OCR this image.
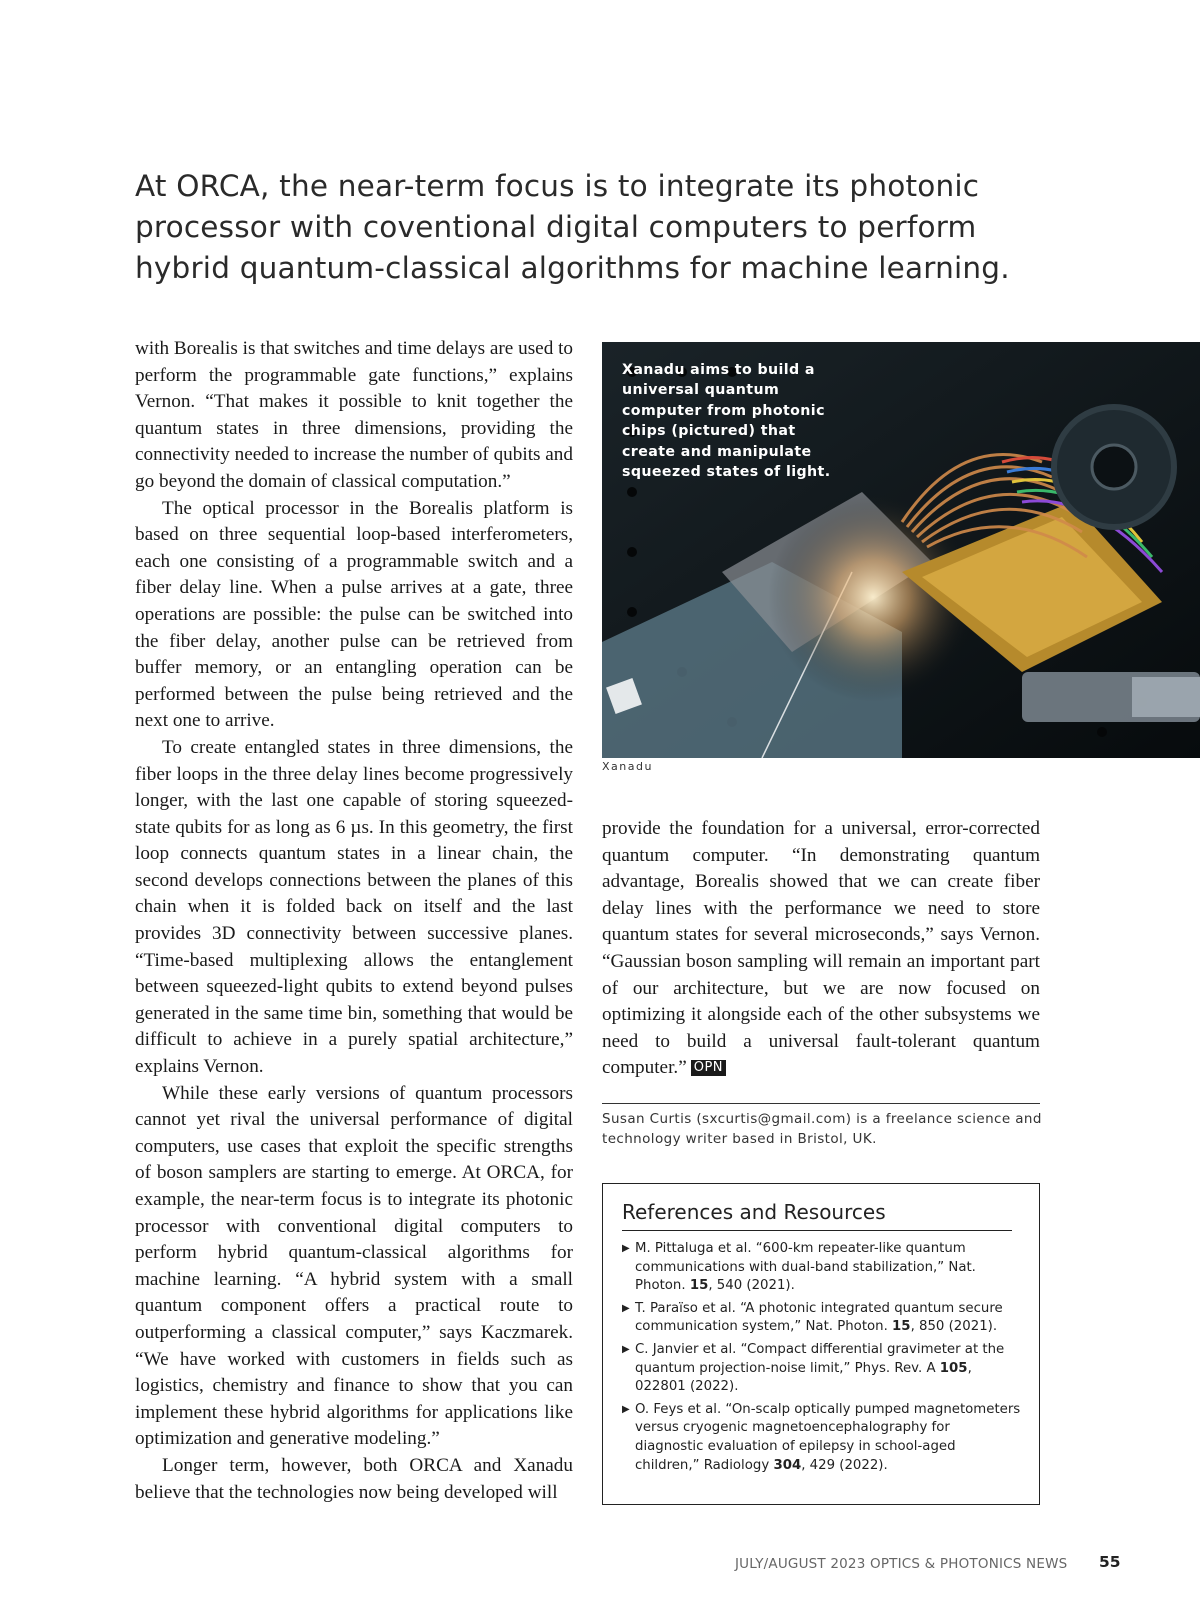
At ORCA, the near-term focus is to integrate its photonic processor with coventional digital computers to perform hybrid quantum-classical algorithms for machine learning.

with Borealis is that switches and time delays are used to perform the programmable gate functions,” explains Vernon. “That makes it possible to knit together the quantum states in three dimensions, providing the connectivity needed to increase the number of qubits and go beyond the domain of classical computation.”

The optical processor in the Borealis platform is based on three sequential loop-based interferometers, each one consisting of a programmable switch and a fiber delay line. When a pulse arrives at a gate, three operations are possible: the pulse can be switched into the fiber delay, another pulse can be retrieved from buffer memory, or an entangling operation can be performed between the pulse being retrieved and the next one to arrive.

To create entangled states in three dimensions, the fiber loops in the three delay lines become progressively longer, with the last one capable of storing squeezed-state qubits for as long as 6 µs. In this geometry, the first loop connects quantum states in a linear chain, the second develops connections between the planes of this chain when it is folded back on itself and the last provides 3D connectivity between successive planes. “Time-based multiplexing allows the entanglement between squeezed-light qubits to extend beyond pulses generated in the same time bin, something that would be difficult to achieve in a purely spatial architecture,” explains Vernon.

While these early versions of quantum processors cannot yet rival the universal performance of digital computers, use cases that exploit the specific strengths of boson samplers are starting to emerge. At ORCA, for example, the near-term focus is to integrate its photonic processor with conventional digital computers to perform hybrid quantum-classical algorithms for machine learning. “A hybrid system with a small quantum component offers a practical route to outperforming a classical computer,” says Kaczmarek. “We have worked with customers in fields such as logistics, chemistry and finance to show that you can implement these hybrid algorithms for applications like optimization and generative modeling.”

Longer term, however, both ORCA and Xanadu believe that the technologies now being developed will

Xanadu aims to build a universal quantum computer from photonic chips (pictured) that create and manipulate squeezed states of light.
Xanadu

provide the foundation for a universal, error-corrected quantum computer. “In demonstrating quantum advantage, Borealis showed that we can create fiber delay lines with the performance we need to store quantum states for several microseconds,” says Vernon. “Gaussian boson sampling will remain an important part of our architecture, but we are now focused on optimizing it alongside each of the other subsystems we need to build a universal fault-tolerant quantum computer.” OPN

Susan Curtis (sxcurtis@gmail.com) is a freelance science and technology writer based in Bristol, UK.
References and Resources
▶ M. Pittaluga et al. “600-km repeater-like quantum communications with dual-band stabilization,” Nat. Photon. 15, 540 (2021).
▶ T. Paraïso et al. “A photonic integrated quantum secure communication system,” Nat. Photon. 15, 850 (2021).
▶ C. Janvier et al. “Compact differential gravimeter at the quantum projection-noise limit,” Phys. Rev. A 105, 022801 (2022).
▶ O. Feys et al. “On-scalp optically pumped magnetometers versus cryogenic magnetoencephalography for diagnostic evaluation of epilepsy in school-aged children,” Radiology 304, 429 (2022).
JULY/AUGUST 2023 OPTICS & PHOTONICS NEWS 55
